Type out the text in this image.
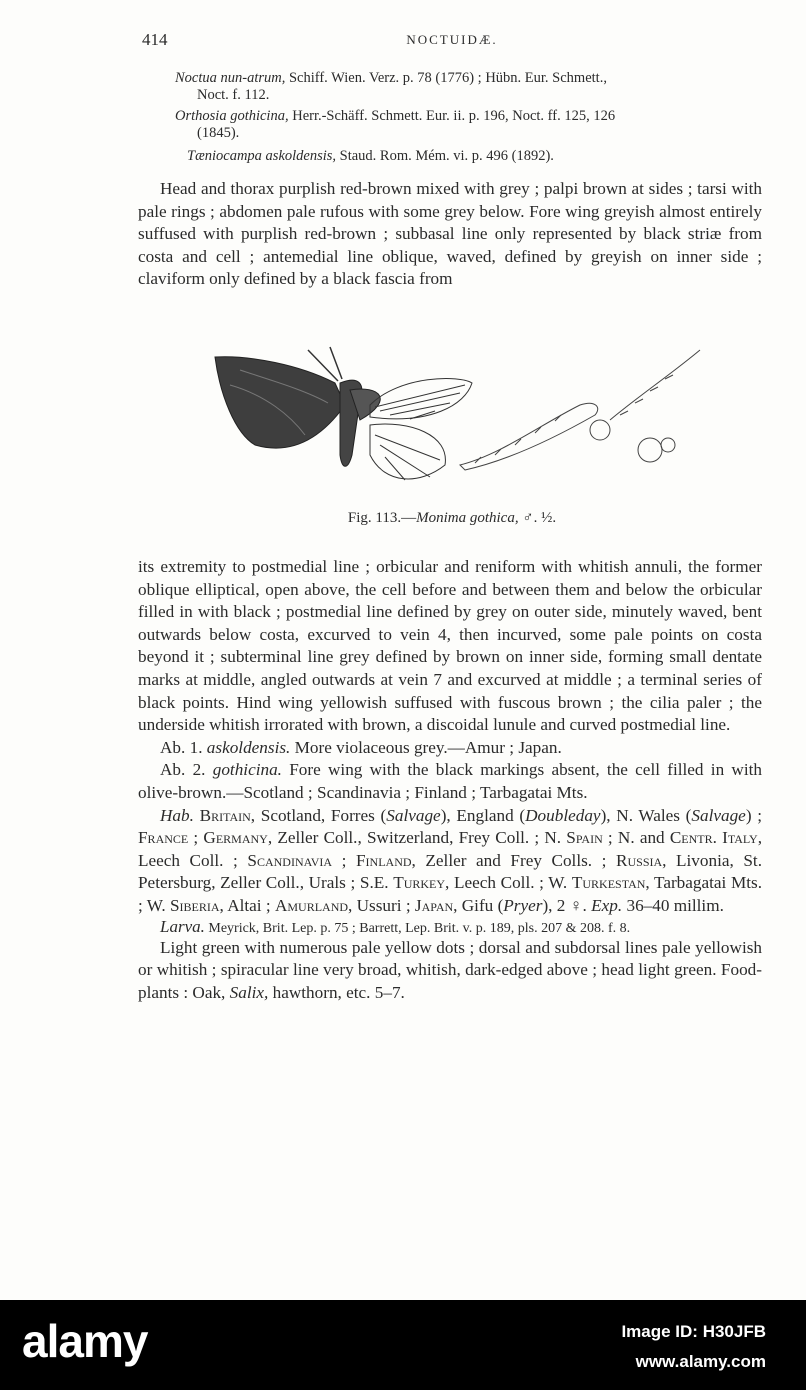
414	NOCTUIDÆ.
Noctua nun-atrum, Schiff. Wien. Verz. p. 78 (1776) ; Hübn. Eur. Schmett.,
Noct. f. 112.
Orthosia gothicina, Herr.-Schäff. Schmett. Eur. ii. p. 196, Noct. ff. 125, 126
(1845).
Tæniocampa askoldensis, Staud. Rom. Mém. vi. p. 496 (1892).

Head and thorax purplish red-brown mixed with grey ; palpi brown at sides ; tarsi with pale rings ; abdomen pale rufous with some grey below. Fore wing greyish almost entirely suffused with purplish red-brown ; subbasal line only represented by black striæ from costa and cell ; antemedial line oblique, waved, defined by greyish on inner side ; claviform only defined by a black fascia from

Fig. 113.—Monima gothica, ♂. ½.

its extremity to postmedial line ; orbicular and reniform with whitish annuli, the former oblique elliptical, open above, the cell before and between them and below the orbicular filled in with black ; postmedial line defined by grey on outer side, minutely waved, bent outwards below costa, excurved to vein 4, then incurved, some pale points on costa beyond it ; subterminal line grey defined by brown on inner side, forming small dentate marks at middle, angled outwards at vein 7 and excurved at middle ; a terminal series of black points. Hind wing yellowish suffused with fuscous brown ; the cilia paler ; the underside whitish irrorated with brown, a discoidal lunule and curved postmedial line.

Ab. 1. askoldensis. More violaceous grey.—Amur ; Japan.

Ab. 2. gothicina. Fore wing with the black markings absent, the cell filled in with olive-brown.—Scotland ; Scandinavia ; Finland ; Tarbagatai Mts.

Hab. Britain, Scotland, Forres (Salvage), England (Doubleday), N. Wales (Salvage) ; France ; Germany, Zeller Coll., Switzerland, Frey Coll. ; N. Spain ; N. and Centr. Italy, Leech Coll. ; Scandinavia ; Finland, Zeller and Frey Colls. ; Russia, Livonia, St. Petersburg, Zeller Coll., Urals ; S.E. Turkey, Leech Coll. ; W. Turkestan, Tarbagatai Mts. ; W. Siberia, Altai ; Amurland, Ussuri ; Japan, Gifu (Pryer), 2 ♀. Exp. 36–40 millim.

Larva. Meyrick, Brit. Lep. p. 75 ; Barrett, Lep. Brit. v. p. 189, pls. 207 & 208. f. 8.

Light green with numerous pale yellow dots ; dorsal and subdorsal lines pale yellowish or whitish ; spiracular line very broad, whitish, dark-edged above ; head light green. Food-plants : Oak, Salix, hawthorn, etc. 5–7.

alamy	Image ID: H30JFB
www.alamy.com
